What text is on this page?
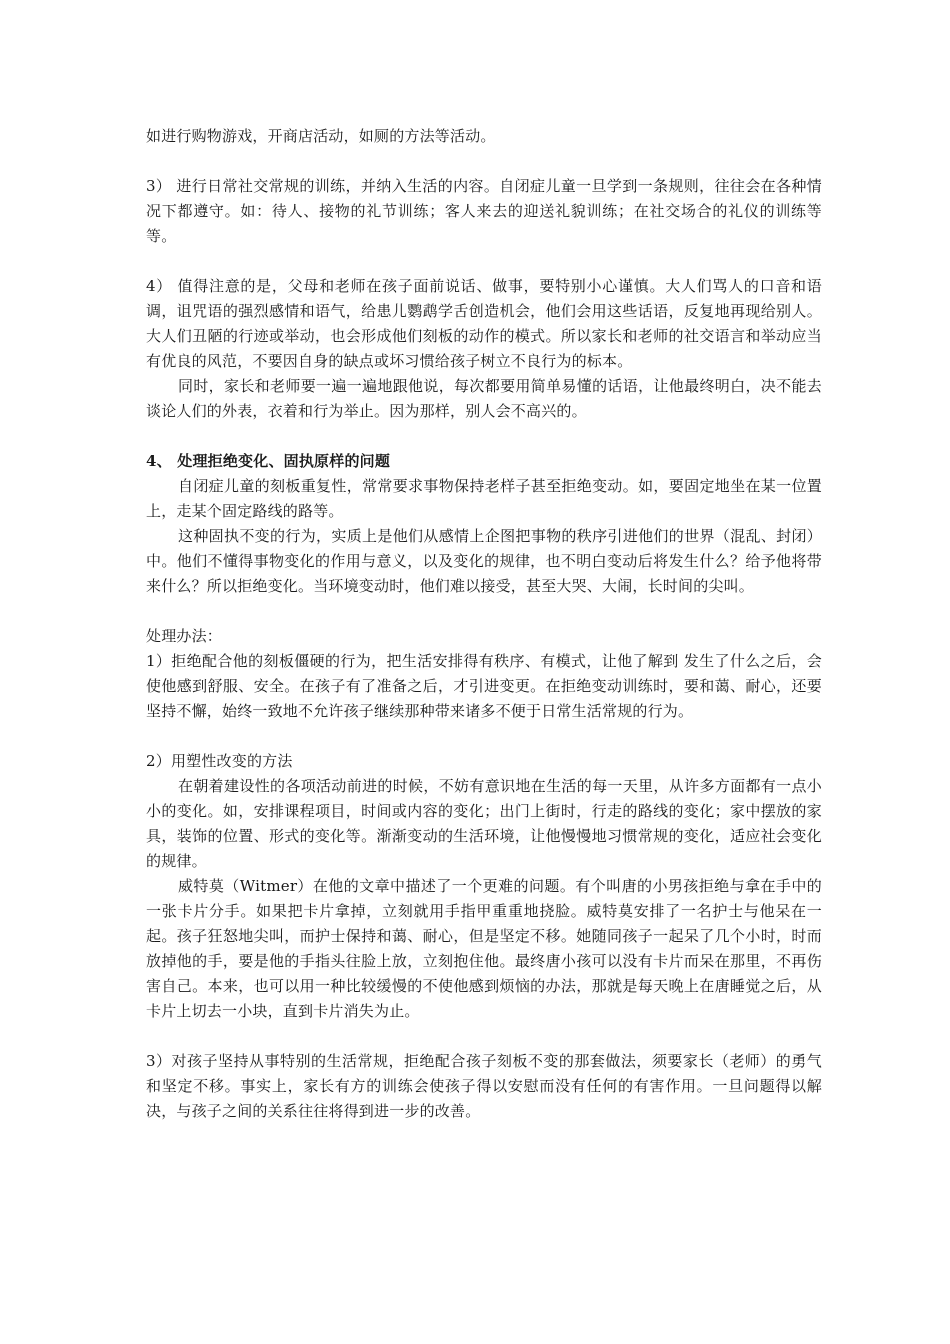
如进行购物游戏，开商店活动，如厕的方法等活动。

3） 进行日常社交常规的训练，并纳入生活的内容。自闭症儿童一旦学到一条规则，往往会在各种情况下都遵守。如：待人、接物的礼节训练；客人来去的迎送礼貌训练；在社交场合的礼仪的训练等等。

4） 值得注意的是，父母和老师在孩子面前说话、做事，要特别小心谨慎。大人们骂人的口音和语调，诅咒语的强烈感情和语气，给患儿鹦鹉学舌创造机会，他们会用这些话语，反复地再现给别人。大人们丑陋的行迹或举动，也会形成他们刻板的动作的模式。所以家长和老师的社交语言和举动应当有优良的风范，不要因自身的缺点或坏习惯给孩子树立不良行为的标本。

同时，家长和老师要一遍一遍地跟他说，每次都要用简单易懂的话语，让他最终明白，决不能去谈论人们的外表，衣着和行为举止。因为那样，别人会不高兴的。

4、 处理拒绝变化、固执原样的问题

自闭症儿童的刻板重复性，常常要求事物保持老样子甚至拒绝变动。如，要固定地坐在某一位置上，走某个固定路线的路等。

这种固执不变的行为，实质上是他们从感情上企图把事物的秩序引进他们的世界（混乱、封闭）中。他们不懂得事物变化的作用与意义，以及变化的规律，也不明白变动后将发生什么？给予他将带来什么？所以拒绝变化。当环境变动时，他们难以接受，甚至大哭、大闹，长时间的尖叫。

处理办法：

1）拒绝配合他的刻板僵硬的行为，把生活安排得有秩序、有模式，让他了解到 发生了什么之后，会使他感到舒服、安全。在孩子有了准备之后，才引进变更。在拒绝变动训练时，要和蔼、耐心，还要坚持不懈，始终一致地不允许孩子继续那种带来诸多不便于日常生活常规的行为。

2）用塑性改变的方法

在朝着建设性的各项活动前进的时候，不妨有意识地在生活的每一天里，从许多方面都有一点小小的变化。如，安排课程项目，时间或内容的变化；出门上街时，行走的路线的变化；家中摆放的家具，装饰的位置、形式的变化等。渐渐变动的生活环境，让他慢慢地习惯常规的变化，适应社会变化的规律。

威特莫（Witmer）在他的文章中描述了一个更难的问题。有个叫唐的小男孩拒绝与拿在手中的一张卡片分手。如果把卡片拿掉，立刻就用手指甲重重地挠脸。威特莫安排了一名护士与他呆在一起。孩子狂怒地尖叫，而护士保持和蔼、耐心，但是坚定不移。她随同孩子一起呆了几个小时，时而放掉他的手，要是他的手指头往脸上放，立刻抱住他。最终唐小孩可以没有卡片而呆在那里，不再伤害自己。本来，也可以用一种比较缓慢的不使他感到烦恼的办法，那就是每天晚上在唐睡觉之后，从卡片上切去一小块，直到卡片消失为止。

3）对孩子坚持从事特别的生活常规，拒绝配合孩子刻板不变的那套做法，须要家长（老师）的勇气和坚定不移。事实上，家长有方的训练会使孩子得以安慰而没有任何的有害作用。一旦问题得以解决，与孩子之间的关系往往将得到进一步的改善。
